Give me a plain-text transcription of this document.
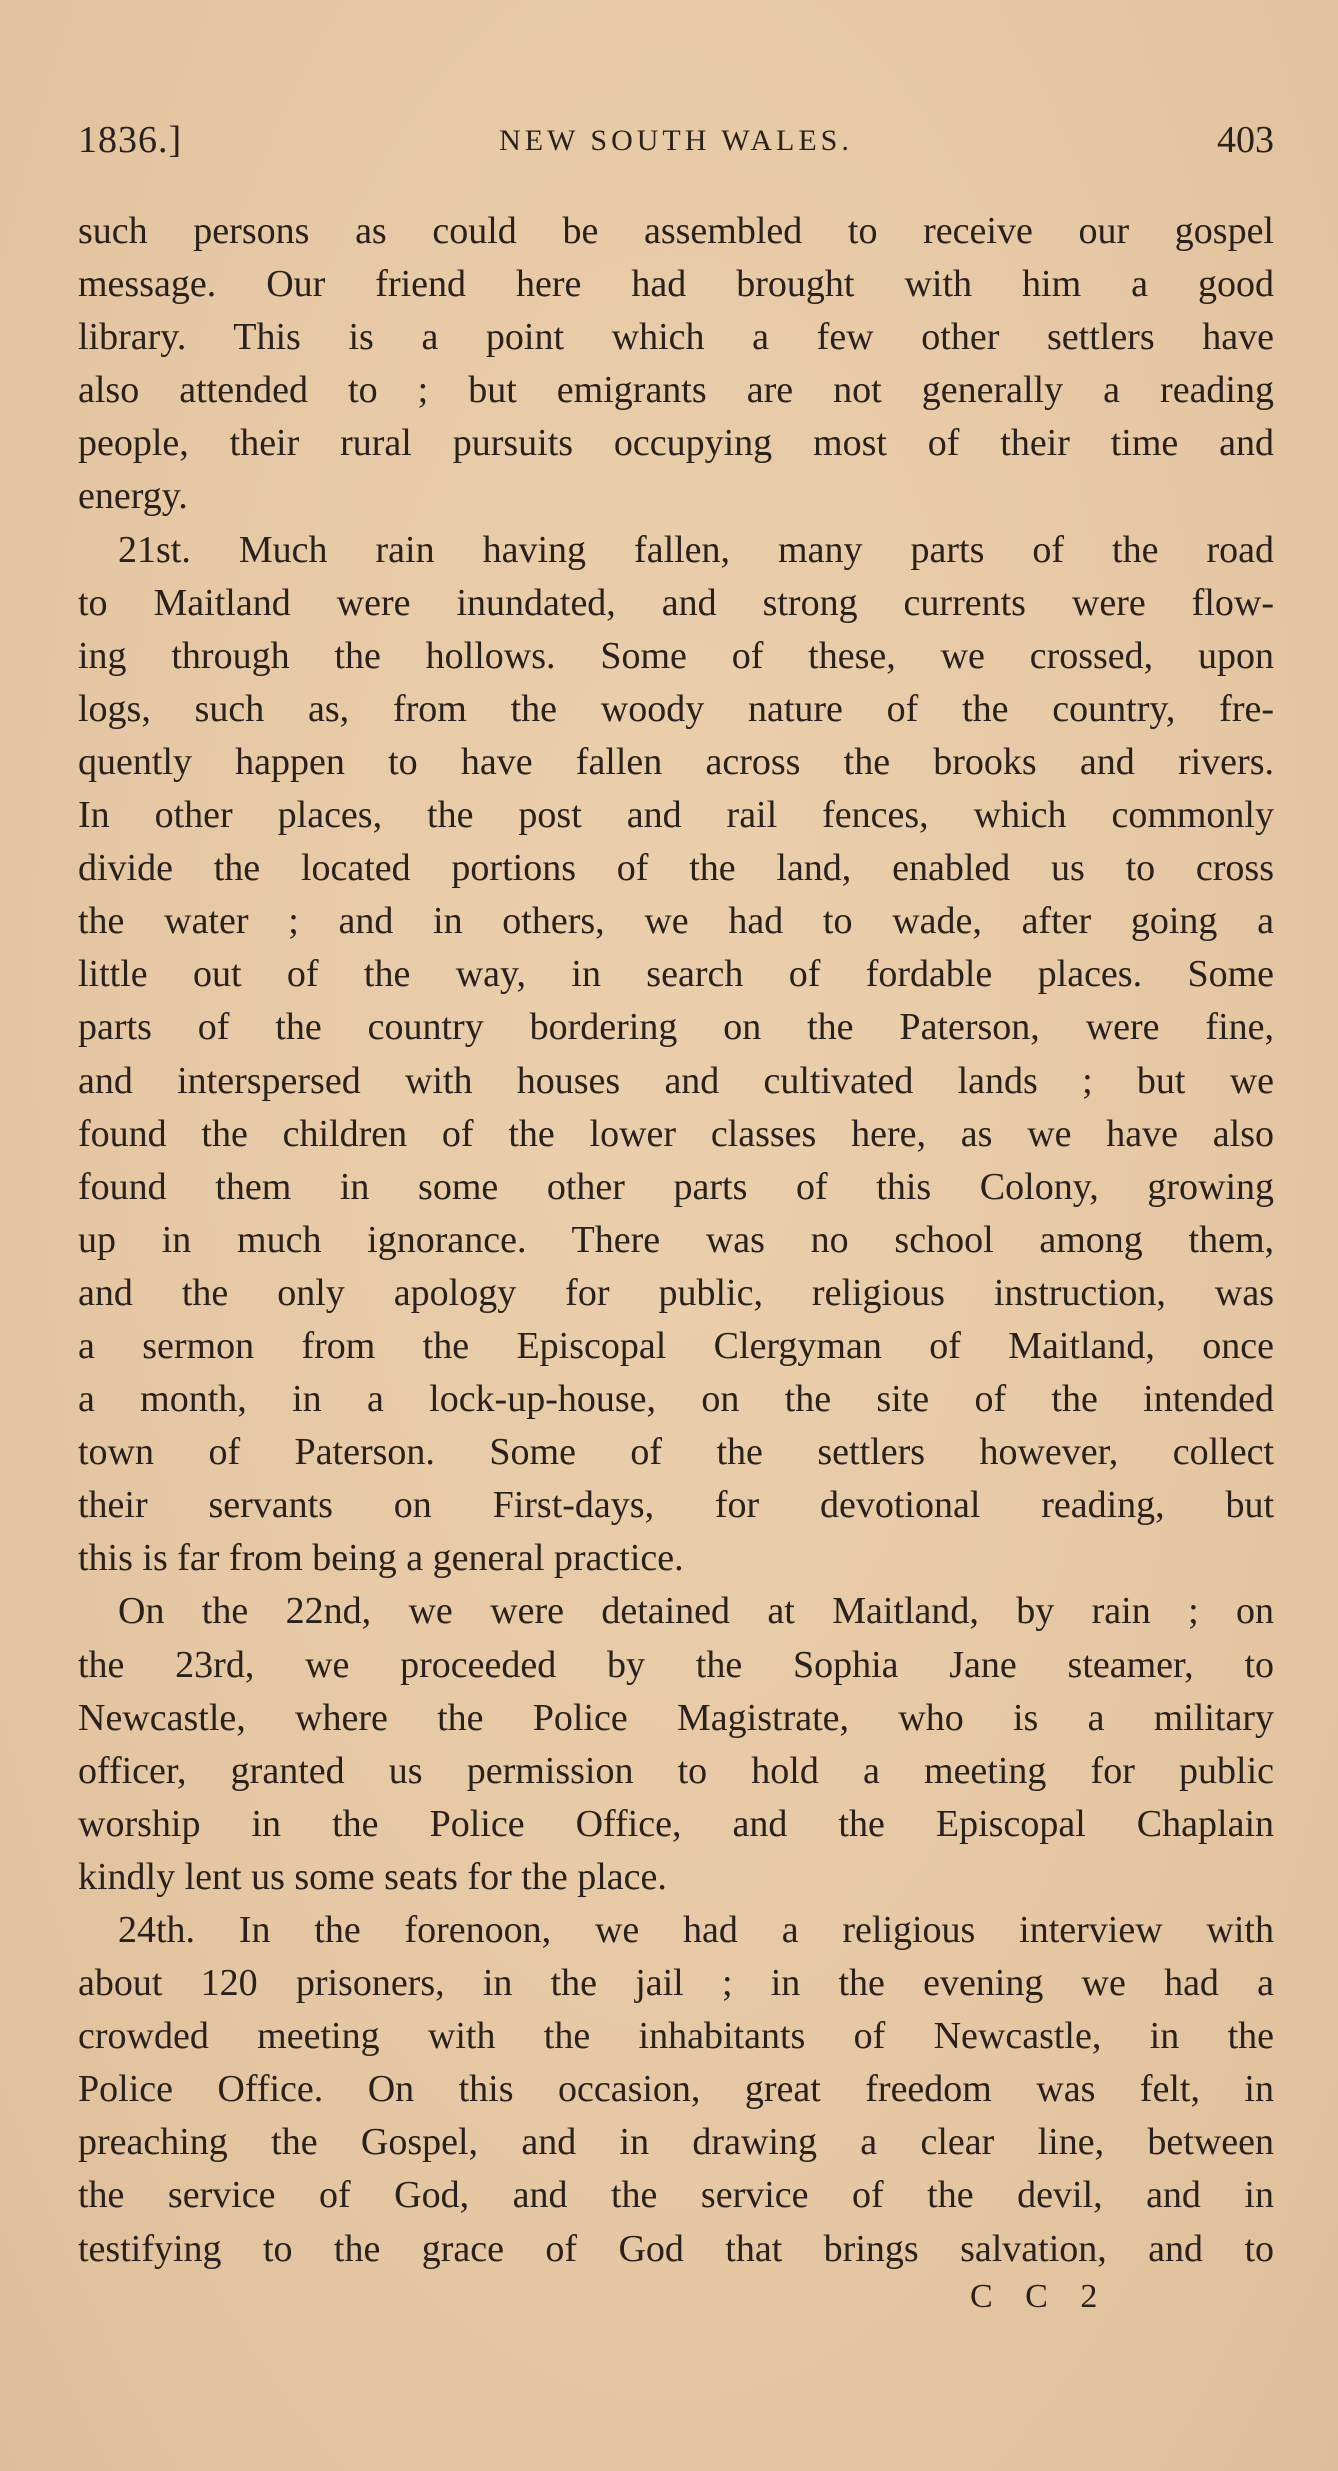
1836.]	NEW SOUTH WALES.	403
such persons as could be assembled to receive our gospel
message. Our friend here had brought with him a good
library. This is a point which a few other settlers have
also attended to ; but emigrants are not generally a reading
people, their rural pursuits occupying most of their time and
energy.
21st. Much rain having fallen, many parts of the road
to Maitland were inundated, and strong currents were flow-
ing through the hollows. Some of these, we crossed, upon
logs, such as, from the woody nature of the country, fre-
quently happen to have fallen across the brooks and rivers.
In other places, the post and rail fences, which commonly
divide the located portions of the land, enabled us to cross
the water ; and in others, we had to wade, after going a
little out of the way, in search of fordable places. Some
parts of the country bordering on the Paterson, were fine,
and interspersed with houses and cultivated lands ; but we
found the children of the lower classes here, as we have also
found them in some other parts of this Colony, growing
up in much ignorance. There was no school among them,
and the only apology for public, religious instruction, was
a sermon from the Episcopal Clergyman of Maitland, once
a month, in a lock-up-house, on the site of the intended
town of Paterson. Some of the settlers however, collect
their servants on First-days, for devotional reading, but
this is far from being a general practice.
On the 22nd, we were detained at Maitland, by rain ; on
the 23rd, we proceeded by the Sophia Jane steamer, to
Newcastle, where the Police Magistrate, who is a military
officer, granted us permission to hold a meeting for public
worship in the Police Office, and the Episcopal Chaplain
kindly lent us some seats for the place.
24th. In the forenoon, we had a religious interview with
about 120 prisoners, in the jail ; in the evening we had a
crowded meeting with the inhabitants of Newcastle, in the
Police Office. On this occasion, great freedom was felt, in
preaching the Gospel, and in drawing a clear line, between
the service of God, and the service of the devil, and in
testifying to the grace of God that brings salvation, and to
C C 2
